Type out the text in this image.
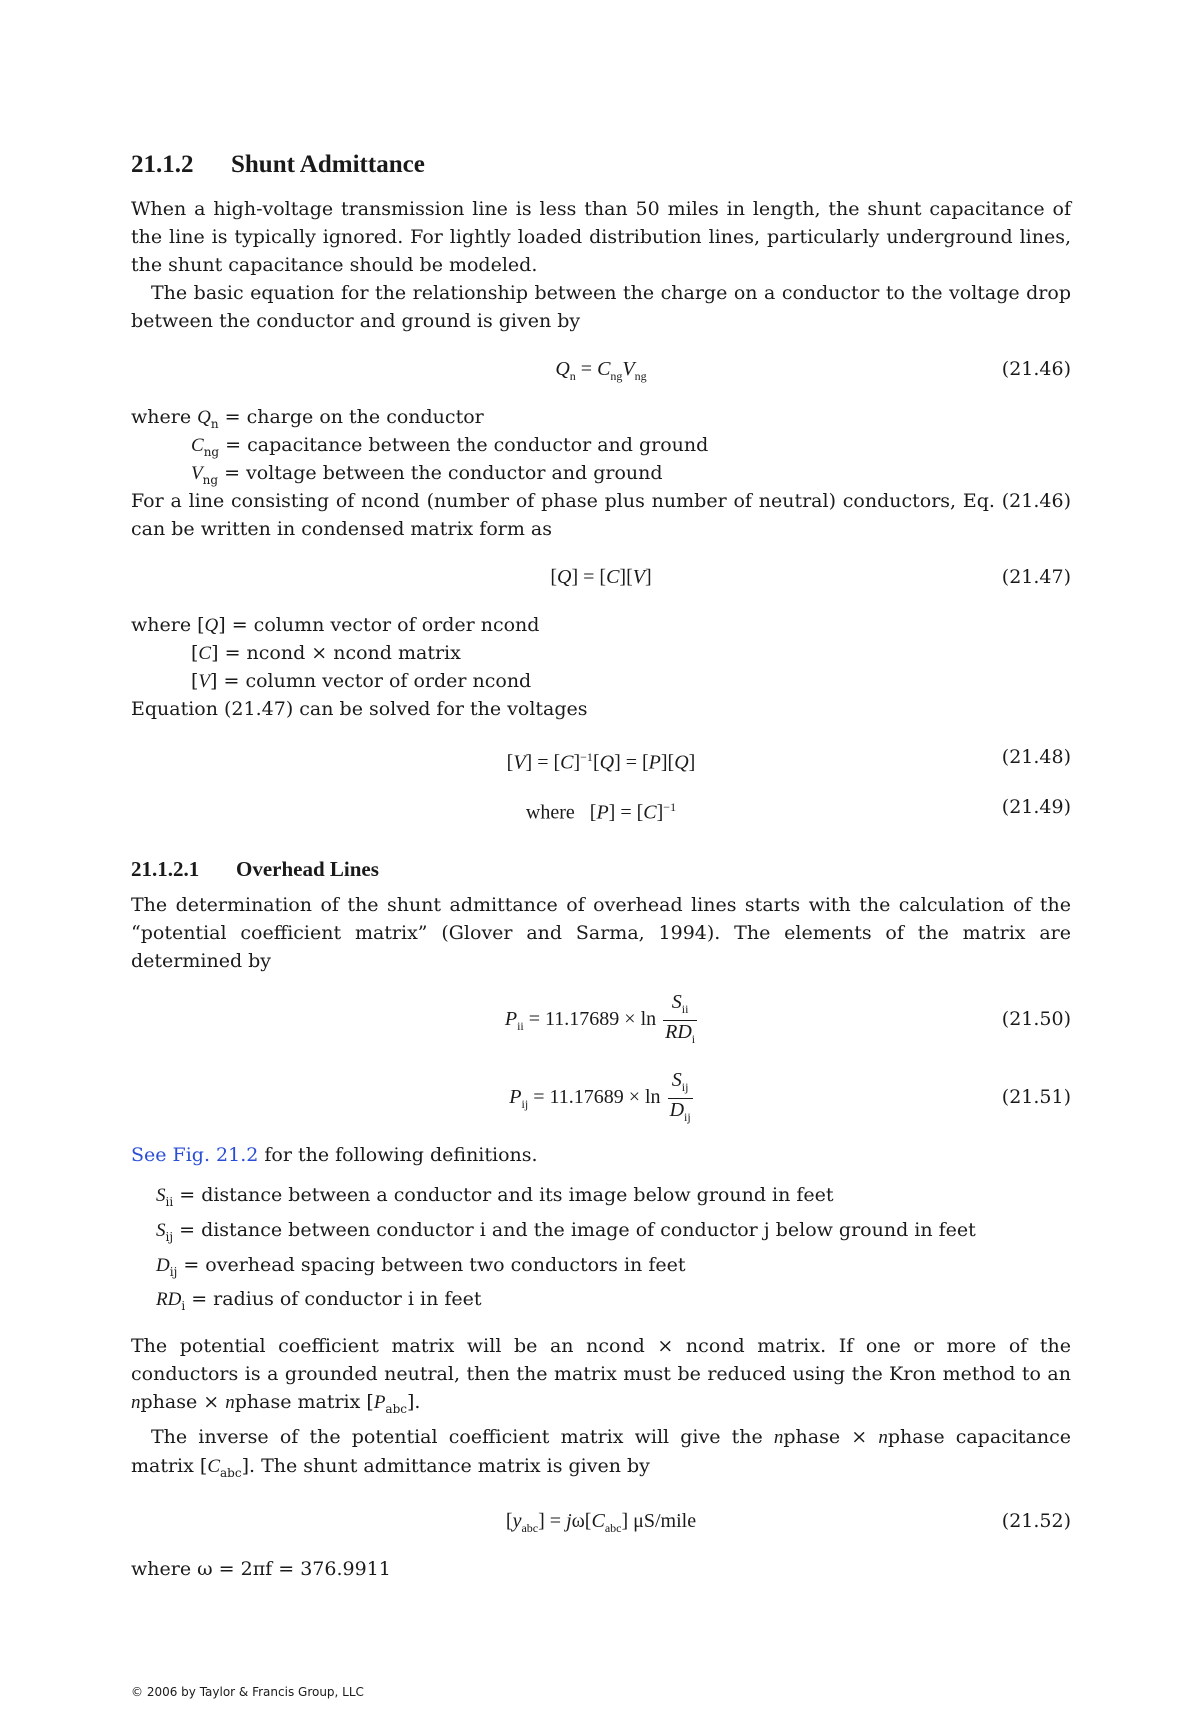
21.1.2 Shunt Admittance

When a high-voltage transmission line is less than 50 miles in length, the shunt capacitance of the line is typically ignored. For lightly loaded distribution lines, particularly underground lines, the shunt capacitance should be modeled.

The basic equation for the relationship between the charge on a conductor to the voltage drop between the conductor and ground is given by

$Q_n = C_{ng}V_{ng}$	(21.46)
where $Q_n$ = charge on the conductor
$C_{ng}$ = capacitance between the conductor and ground
$V_{ng}$ = voltage between the conductor and ground

For a line consisting of ncond (number of phase plus number of neutral) conductors, Eq. (21.46) can be written in condensed matrix form as

[Q] = [C][V]	(21.47)
where [Q] = column vector of order ncond
[C] = ncond × ncond matrix
[V] = column vector of order ncond

Equation (21.47) can be solved for the voltages

$[V] = [C]^{-1}[Q] = [P][Q]$	(21.48)
where   $[P] = [C]^{-1}$	(21.49)
21.1.2.1 Overhead Lines

The determination of the shunt admittance of overhead lines starts with the calculation of the “potential coefficient matrix” (Glover and Sarma, 1994). The elements of the matrix are determined by

$P_{ii} = 11.17689 \times \ln \frac{S_{ii}}{RD_i}$	(21.50)
$P_{ij} = 11.17689 \times \ln \frac{S_{ij}}{D_{ij}}$	(21.51)

See Fig. 21.2 for the following definitions.

$S_{ii}$ = distance between a conductor and its image below ground in feet
$S_{ij}$ = distance between conductor i and the image of conductor j below ground in feet
$D_{ij}$ = overhead spacing between two conductors in feet
$RD_i$ = radius of conductor i in feet

The potential coefficient matrix will be an ncond × ncond matrix. If one or more of the conductors is a grounded neutral, then the matrix must be reduced using the Kron method to an nphase × nphase matrix $[P_{abc}]$.

The inverse of the potential coefficient matrix will give the nphase × nphase capacitance matrix $[C_{abc}]$. The shunt admittance matrix is given by

$[y_{abc}] = j\omega[C_{abc}]$ μS/mile	(21.52)

where ω = 2πf = 376.9911

© 2006 by Taylor & Francis Group, LLC
